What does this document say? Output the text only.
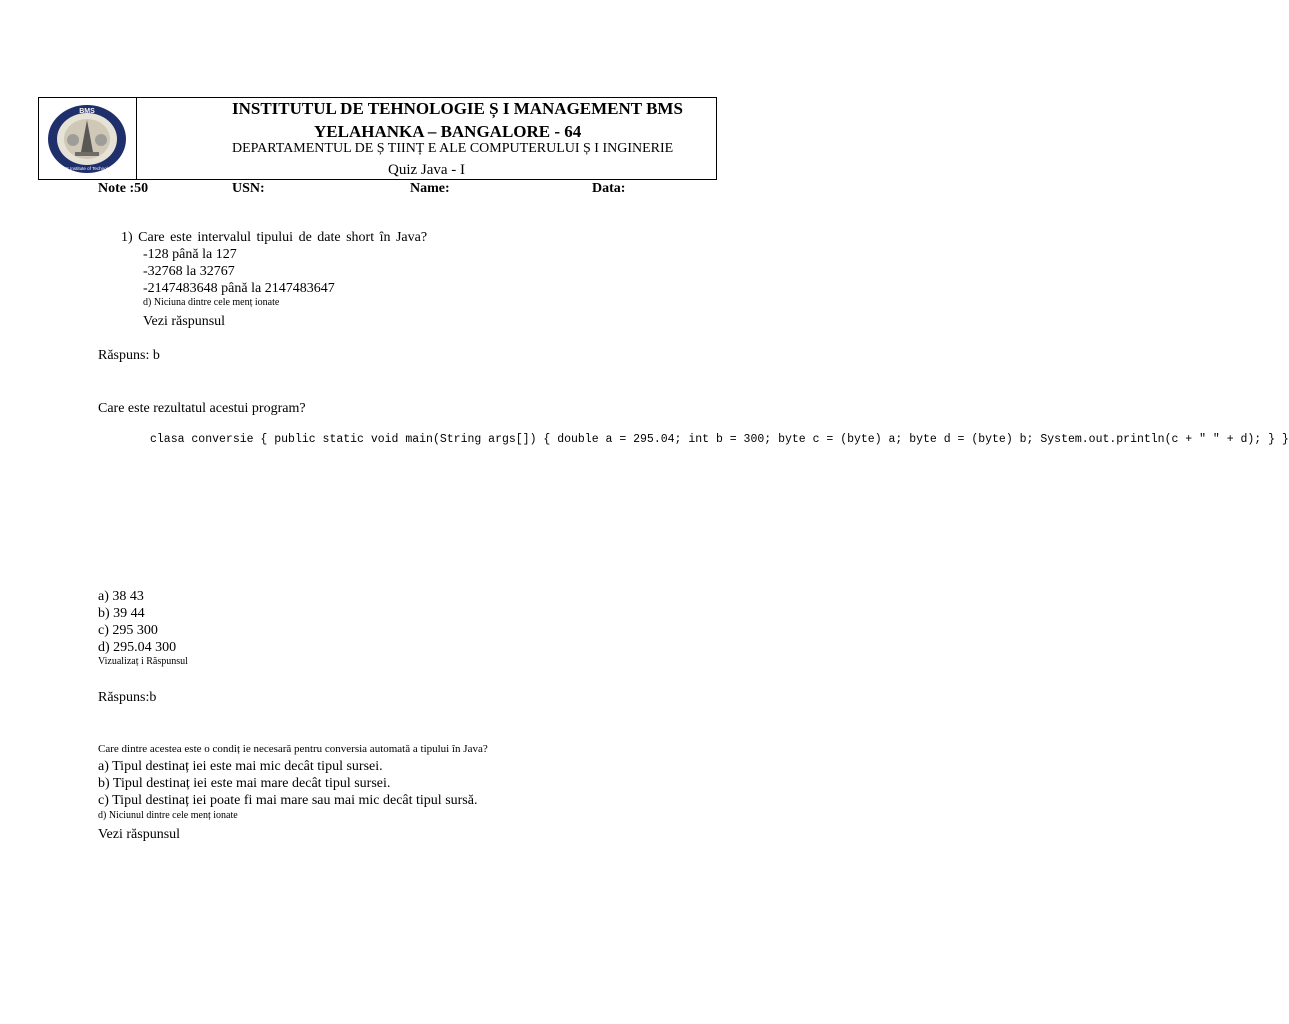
BMS
BMS Institute of Technology
INSTITUTUL DE TEHNOLOGIE Ș I MANAGEMENT BMS
YELAHANKA – BANGALORE - 64
DEPARTAMENTUL DE Ș TIINȚ E ALE COMPUTERULUI Ș I INGINERIE
Quiz Java - I
Note :50	USN:	Name:	Data:
1) Care este intervalul tipului de date short în Java?
-128 până la 127
-32768 la 32767
-2147483648 până la 2147483647
d) Niciuna dintre cele menț ionate
Vezi răspunsul
Răspuns: b
Care este rezultatul acestui program?
clasa conversie { public static void main(String args[]) { double a = 295.04; int b = 300; byte c = (byte) a; byte d = (byte) b; System.out.println(c + " " + d); } }
a) 38 43
b) 39 44
c) 295 300
d) 295.04 300
Vizualizaț i Răspunsul
Răspuns:b
Care dintre acestea este o condiț ie necesară pentru conversia automată a tipului în Java?
a) Tipul destinaț iei este mai mic decât tipul sursei.
b) Tipul destinaț iei este mai mare decât tipul sursei.
c) Tipul destinaț iei poate fi mai mare sau mai mic decât tipul sursă.
d) Niciunul dintre cele menț ionate
Vezi răspunsul
